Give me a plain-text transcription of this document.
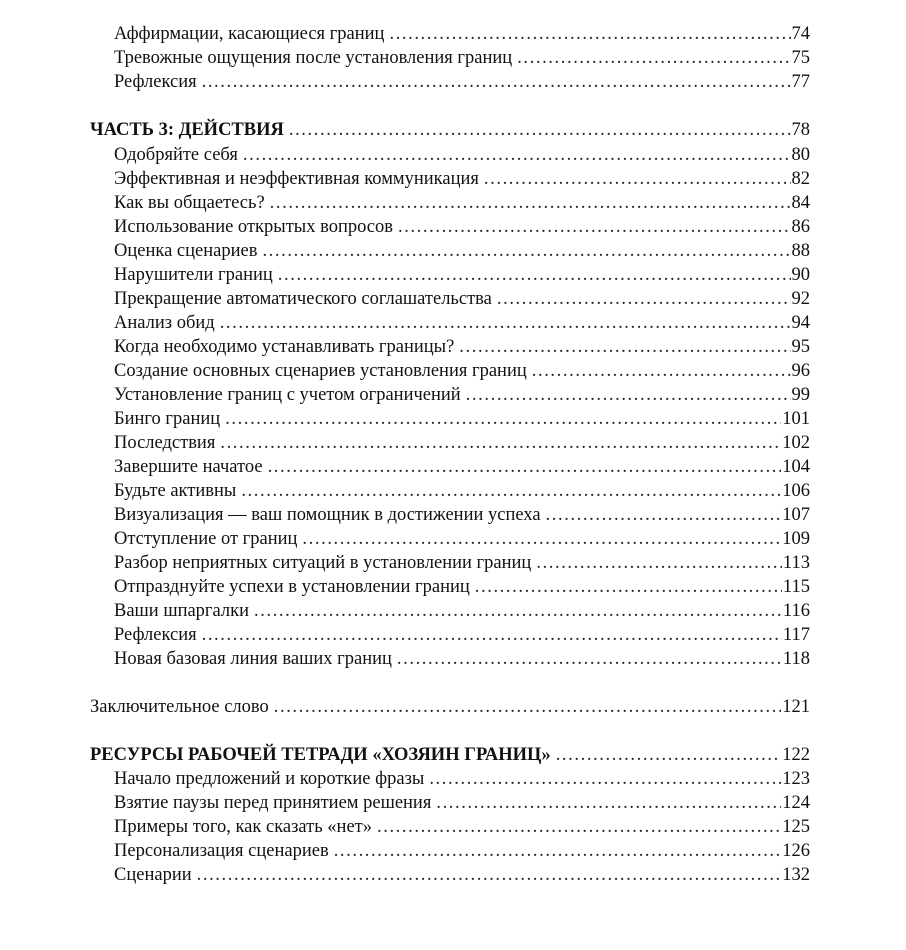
Аффирмации, касающиеся границ .....	74
Тревожные ощущения после установления границ .....	75
Рефлексия .....	77
ЧАСТЬ 3: ДЕЙСТВИЯ .....	78
Одобряйте себя .....	80
Эффективная и неэффективная коммуникация .....	82
Как вы общаетесь? .....	84
Использование открытых вопросов .....	86
Оценка сценариев .....	88
Нарушители границ .....	90
Прекращение автоматического соглашательства .....	92
Анализ обид .....	94
Когда необходимо устанавливать границы? .....	95
Создание основных сценариев установления границ .....	96
Установление границ с учетом ограничений .....	99
Бинго границ .....	101
Последствия .....	102
Завершите начатое .....	104
Будьте активны .....	106
Визуализация — ваш помощник в достижении успеха .....	107
Отступление от границ .....	109
Разбор неприятных ситуаций в установлении границ .....	113
Отпразднуйте успехи в установлении границ .....	115
Ваши шпаргалки .....	116
Рефлексия .....	117
Новая базовая линия ваших границ .....	118
Заключительное слово .....	121
РЕСУРСЫ РАБОЧЕЙ ТЕТРАДИ «ХОЗЯИН ГРАНИЦ» .....	122
Начало предложений и короткие фразы .....	123
Взятие паузы перед принятием решения .....	124
Примеры того, как сказать «нет» .....	125
Персонализация сценариев .....	126
Сценарии .....	132
